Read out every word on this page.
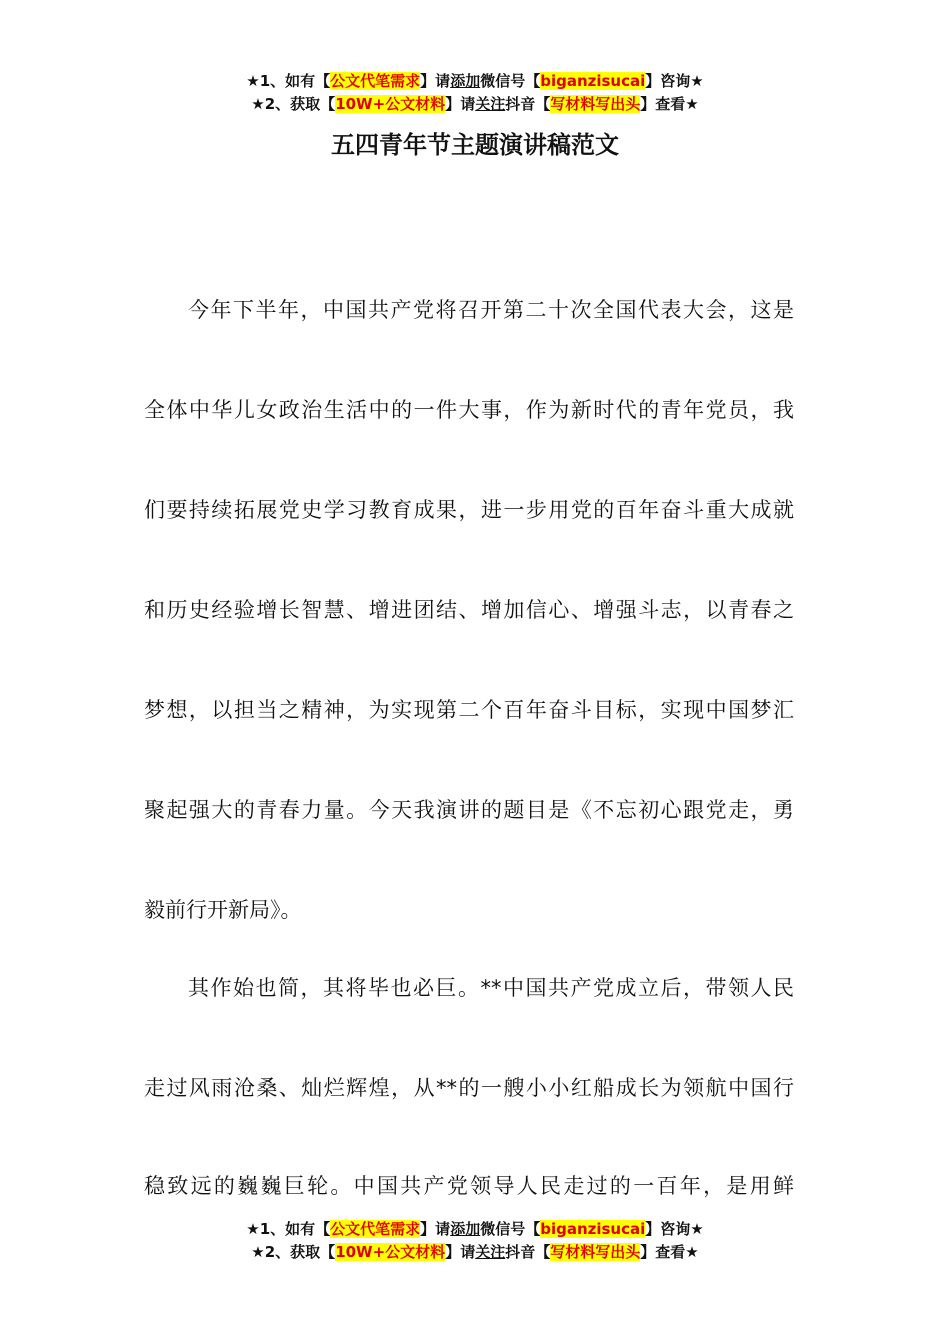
★1、如有【公文代笔需求】请添加微信号【biganzisucai】咨询★
★2、获取【10W+公文材料】请关注抖音【写材料写出头】查看★
五四青年节主题演讲稿范文
今年下半年，中国共产党将召开第二十次全国代表大会，这是
全体中华儿女政治生活中的一件大事，作为新时代的青年党员，我
们要持续拓展党史学习教育成果，进一步用党的百年奋斗重大成就
和历史经验增长智慧、增进团结、增加信心、增强斗志，以青春之
梦想，以担当之精神，为实现第二个百年奋斗目标，实现中国梦汇
聚起强大的青春力量。今天我演讲的题目是《不忘初心跟党走，勇
毅前行开新局》。
其作始也简，其将毕也必巨。**中国共产党成立后，带领人民
走过风雨沧桑、灿烂辉煌，从**的一艘小小红船成长为领航中国行
稳致远的巍巍巨轮。中国共产党领导人民走过的一百年，是用鲜
★1、如有【公文代笔需求】请添加微信号【biganzisucai】咨询★
★2、获取【10W+公文材料】请关注抖音【写材料写出头】查看★
